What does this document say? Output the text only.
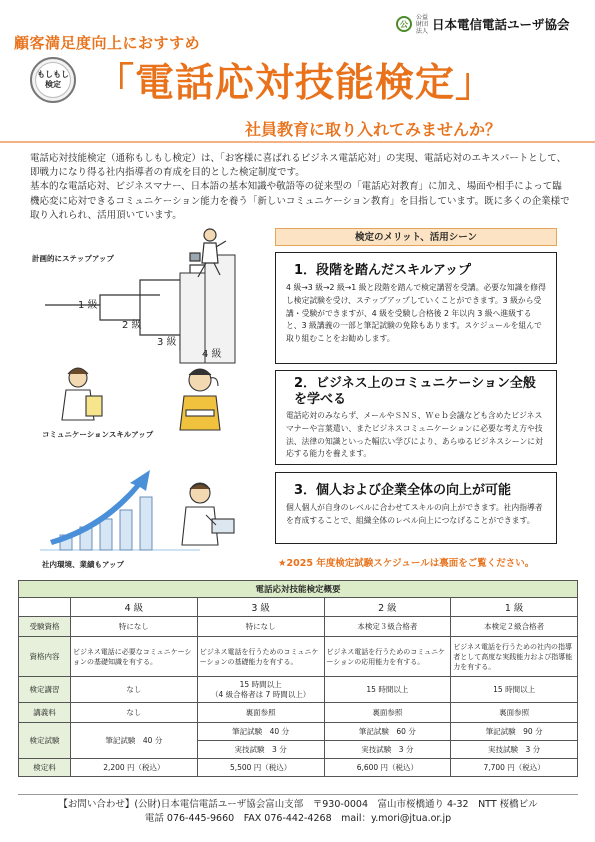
顧客満足度向上におすすめ
公
公益 財団法人 日本電信電話ユーザ協会
もしもし
検定 「電話応対技能検定」
社員教育に取り入れてみませんか？

電話応対技能検定（通称もしもし検定）は、「お客様に喜ばれるビジネス電話応対」の実現、電話応対のエキスパートとして、即戦力になり得る社内指導者の育成を目的とした検定制度です。

基本的な電話応対、ビジネスマナー、日本語の基本知識や敬語等の従来型の「電話応対教育」に加え、場面や相手によって臨機応変に応対できるコミュニケーション能力を養う「新しいコミュニケーション教育」を目指しています。既に多くの企業様で取り入れられ、活用頂いています。

計画的にステップアップ
1 級
2 級
3 級
4 級
コミュニケーションスキルアップ
社内環境、業績もアップ
検定のメリット、活用シーン
1．段階を踏んだスキルアップ
4 級→3 級→2 級→1 級と段階を踏んで検定講習を受講。必要な知識を修得し検定試験を受け、ステップアップしていくことができます。3 級から受講・受験ができますが、4 級を受験し合格後 2 年以内 3 級へ進級すると、3 級講義の一部と筆記試験の免除もあります。スケジュールを組んで取り組むことをお勧めします。
2．ビジネス上のコミュニケーション全般を学べる
電話応対のみならず、メールやＳＮＳ、Ｗｅｂ会議なども含めたビジネスマナーや言葉遣い、またビジネスコミュニケーションに必要な考え方や技法、法律の知識といった幅広い学びにより、あらゆるビジネスシーンに対応する能力を養えます。
3．個人および企業全体の向上が可能
個人個人が自身のレベルに合わせてスキルの向上ができます。社内指導者を育成することで、組織全体のレベル向上につなげることができます。
★2025 年度検定試験スケジュールは裏面をご覧ください。
電話応対技能検定概要				
	4 級	3 級	2 級	1 級
受験資格	特になし	特になし	本検定３級合格者	本検定２級合格者
資格内容	ビジネス電話に必要なコミュニケーションの基礎知識を有する。	ビジネス電話を行うためのコミュニケーションの基礎能力を有する。	ビジネス電話を行うためのコミュニケーションの応用能力を有する。	ビジネス電話を行うための社内の指導者として高度な実践能力および指導能力を有する。
検定講習	なし	15 時間以上
（4 級合格者は 7 時間以上）	15 時間以上	15 時間以上
講義料	なし	裏面参照	裏面参照	裏面参照
検定試験	筆記試験　40 分	筆記試験　40 分	筆記試験　60 分	筆記試験　90 分
		実技試験　3 分	実技試験　3 分	実技試験　3 分
検定料	2,200 円（税込）	5,500 円（税込）	6,600 円（税込）	7,700 円（税込）
【お問い合わせ】(公財)日本電信電話ユーザ協会富山支部　〒930-0004　富山市桜橋通り 4-32　NTT 桜橋ビル
電話 076-445-9660　FAX 076-442-4268　mail：y.mori@jtua.or.jp
